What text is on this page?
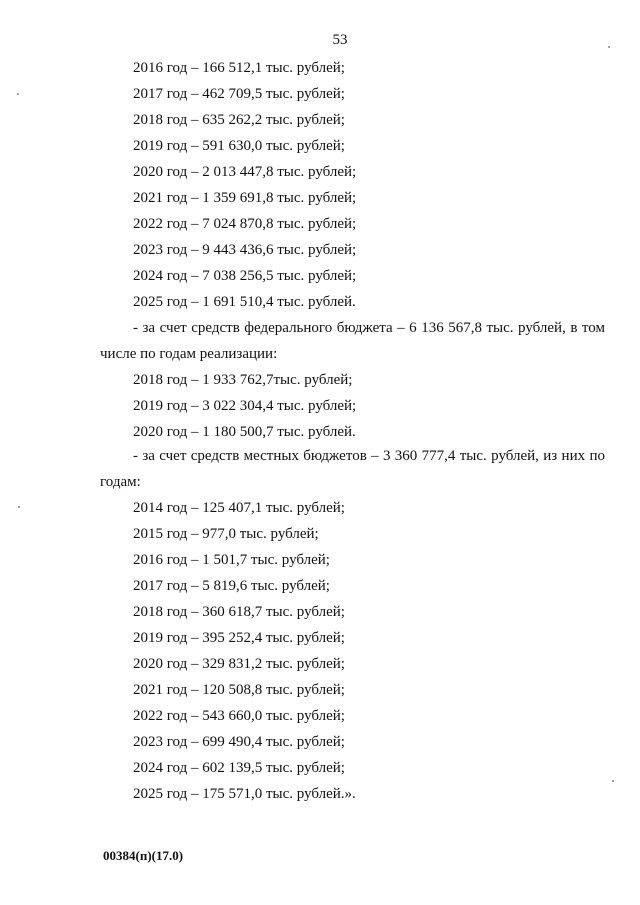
53
2016 год – 166 512,1 тыс. рублей;
2017 год – 462 709,5 тыс. рублей;
2018 год – 635 262,2 тыс. рублей;
2019 год – 591 630,0 тыс. рублей;
2020 год – 2 013 447,8 тыс. рублей;
2021 год – 1 359 691,8 тыс. рублей;
2022 год – 7 024 870,8 тыс. рублей;
2023 год – 9 443 436,6 тыс. рублей;
2024 год – 7 038 256,5 тыс. рублей;
2025 год – 1 691 510,4 тыс. рублей.
- за счет средств федерального бюджета – 6 136 567,8 тыс. рублей, в том
числе по годам реализации:
2018 год – 1 933 762,7тыс. рублей;
2019 год – 3 022 304,4 тыс. рублей;
2020 год – 1 180 500,7 тыс. рублей.
- за счет средств местных бюджетов – 3 360 777,4 тыс. рублей, из них по
годам:
2014 год – 125 407,1 тыс. рублей;
2015 год – 977,0 тыс. рублей;
2016 год – 1 501,7 тыс. рублей;
2017 год – 5 819,6 тыс. рублей;
2018 год – 360 618,7 тыс. рублей;
2019 год – 395 252,4 тыс. рублей;
2020 год – 329 831,2 тыс. рублей;
2021 год – 120 508,8 тыс. рублей;
2022 год – 543 660,0 тыс. рублей;
2023 год – 699 490,4 тыс. рублей;
2024 год – 602 139,5 тыс. рублей;
2025 год – 175 571,0 тыс. рублей.».
00384(п)(17.0)
